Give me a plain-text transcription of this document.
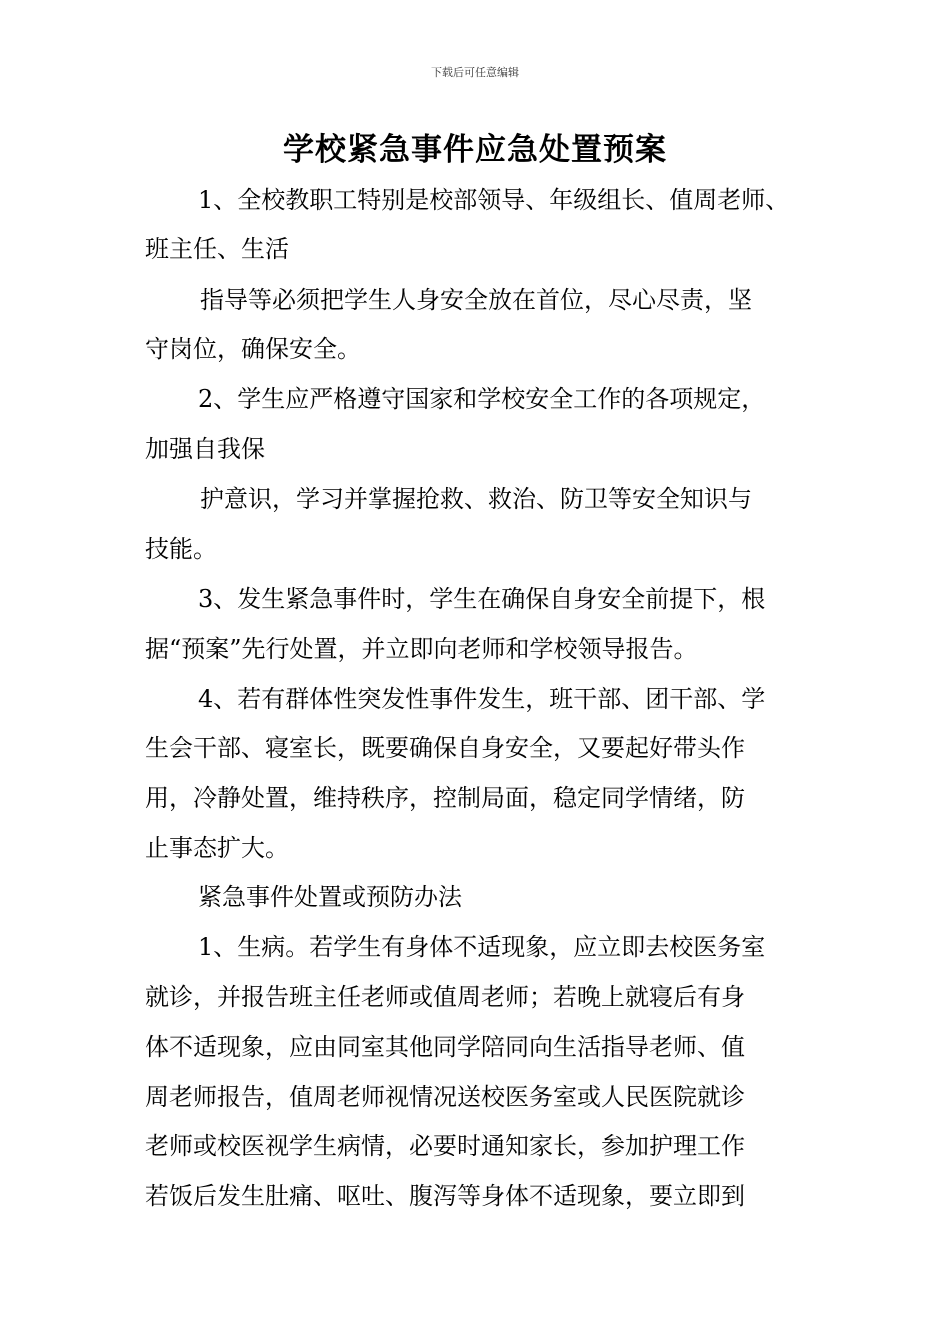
下载后可任意编辑
学校紧急事件应急处置预案
1、全校教职工特别是校部领导、年级组长、值周老师、
班主任、生活
指导等必须把学生人身安全放在首位，尽心尽责，坚
守岗位，确保安全。
2、学生应严格遵守国家和学校安全工作的各项规定，
加强自我保
护意识，学习并掌握抢救、救治、防卫等安全知识与
技能。
3、发生紧急事件时，学生在确保自身安全前提下，根
据“预案”先行处置，并立即向老师和学校领导报告。
4、若有群体性突发性事件发生，班干部、团干部、学
生会干部、寝室长，既要确保自身安全，又要起好带头作
用，冷静处置，维持秩序，控制局面，稳定同学情绪，防
止事态扩大。
紧急事件处置或预防办法
1、生病。若学生有身体不适现象，应立即去校医务室
就诊，并报告班主任老师或值周老师；若晚上就寝后有身
体不适现象，应由同室其他同学陪同向生活指导老师、值
周老师报告，值周老师视情况送校医务室或人民医院就诊
老师或校医视学生病情，必要时通知家长，参加护理工作
若饭后发生肚痛、呕吐、腹泻等身体不适现象，要立即到
